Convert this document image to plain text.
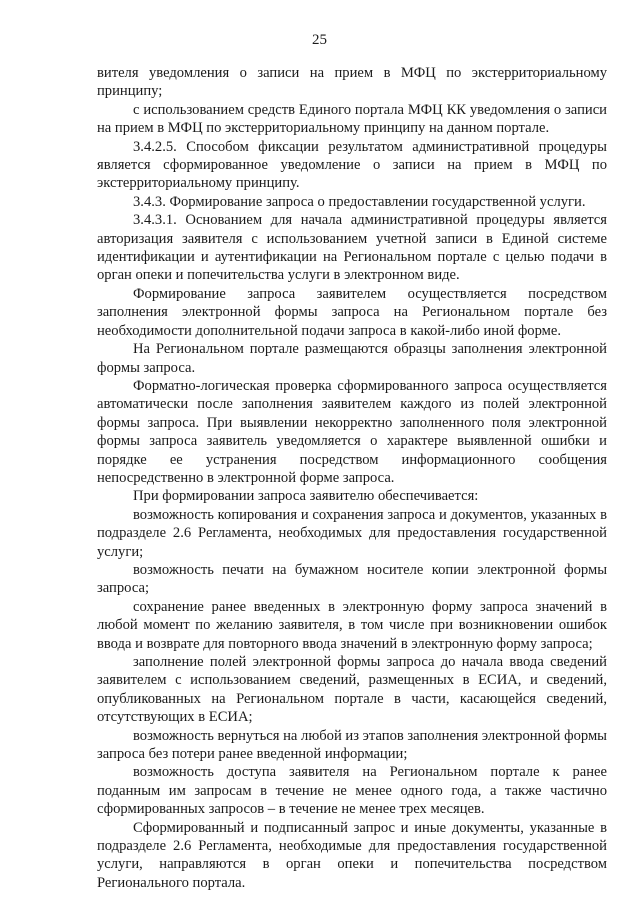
25

вителя уведомления о записи на прием в МФЦ по экстерриториальному принципу;

с использованием средств Единого портала МФЦ КК уведомления о записи на прием в МФЦ по экстерриториальному принципу на данном портале.

3.4.2.5. Способом фиксации результатом административной процедуры является сформированное уведомление о записи на прием в МФЦ по экстерриториальному принципу.

3.4.3. Формирование запроса о предоставлении государственной услуги.

3.4.3.1. Основанием для начала административной процедуры является авторизация заявителя с использованием учетной записи в Единой системе идентификации и аутентификации на Региональном портале с целью подачи в орган опеки и попечительства услуги в электронном виде.

Формирование запроса заявителем осуществляется посредством заполнения электронной формы запроса на Региональном портале без необходимости дополнительной подачи запроса в какой-либо иной форме.

На Региональном портале размещаются образцы заполнения электронной формы запроса.

Форматно-логическая проверка сформированного запроса осуществляется автоматически после заполнения заявителем каждого из полей электронной формы запроса. При выявлении некорректно заполненного поля электронной формы запроса заявитель уведомляется о характере выявленной ошибки и порядке ее устранения посредством информационного сообщения непосредственно в электронной форме запроса.

При формировании запроса заявителю обеспечивается:

возможность копирования и сохранения запроса и документов, указанных в подразделе 2.6 Регламента, необходимых для предоставления государственной услуги;

возможность печати на бумажном носителе копии электронной формы запроса;

сохранение ранее введенных в электронную форму запроса значений в любой момент по желанию заявителя, в том числе при возникновении ошибок ввода и возврате для повторного ввода значений в электронную форму запроса;

заполнение полей электронной формы запроса до начала ввода сведений заявителем с использованием сведений, размещенных в ЕСИА, и сведений, опубликованных на Региональном портале в части, касающейся сведений, отсутствующих в ЕСИА;

возможность вернуться на любой из этапов заполнения электронной формы запроса без потери ранее введенной информации;

возможность доступа заявителя на Региональном портале к ранее поданным им запросам в течение не менее одного года, а также частично сформированных запросов – в течение не менее трех месяцев.

Сформированный и подписанный запрос и иные документы, указанные в подразделе 2.6 Регламента, необходимые для предоставления государственной услуги, направляются в орган опеки и попечительства посредством Регионального портала.
